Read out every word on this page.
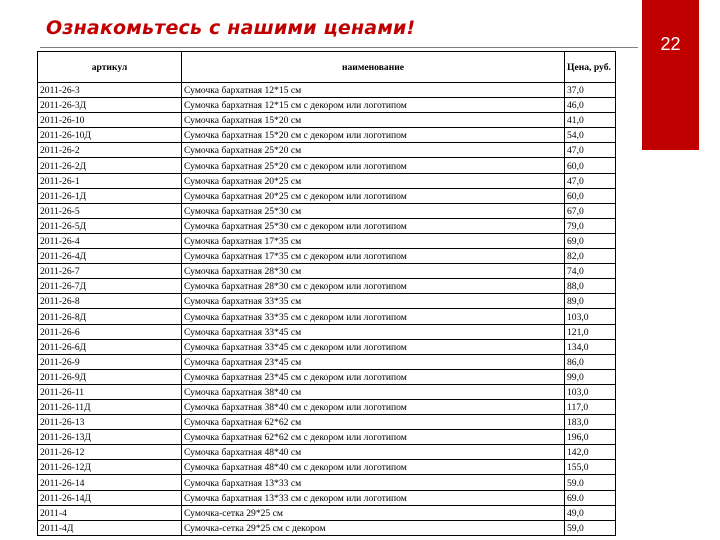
Ознакомьтесь с нашими ценами!
22
артикул	наименование	Цена, руб.
2011-26-3	Сумочка бархатная 12*15 см	37,0
2011-26-3Д	Сумочка бархатная 12*15 см с декором или логотипом	46,0
2011-26-10	Сумочка бархатная 15*20 см	41,0
2011-26-10Д	Сумочка бархатная 15*20 см с декором или логотипом	54,0
2011-26-2	Сумочка бархатная 25*20 см	47,0
2011-26-2Д	Сумочка бархатная 25*20 см с декором или логотипом	60,0
2011-26-1	Сумочка бархатная 20*25 см	47,0
2011-26-1Д	Сумочка бархатная 20*25 см с декором или логотипом	60,0
2011-26-5	Сумочка бархатная 25*30 см	67,0
2011-26-5Д	Сумочка бархатная 25*30 см с декором или логотипом	79,0
2011-26-4	Сумочка бархатная 17*35 см	69,0
2011-26-4Д	Сумочка бархатная 17*35 см с декором или логотипом	82,0
2011-26-7	Сумочка бархатная 28*30 см	74,0
2011-26-7Д	Сумочка бархатная 28*30 см с декором или логотипом	88,0
2011-26-8	Сумочка бархатная 33*35 см	89,0
2011-26-8Д	Сумочка бархатная 33*35 см с декором или логотипом	103,0
2011-26-6	Сумочка бархатная 33*45 см	121,0
2011-26-6Д	Сумочка бархатная 33*45 см с декором или логотипом	134,0
2011-26-9	Сумочка бархатная 23*45 см	86,0
2011-26-9Д	Сумочка бархатная 23*45 см с декором или логотипом	99,0
2011-26-11	Сумочка бархатная 38*40 см	103,0
2011-26-11Д	Сумочка бархатная 38*40 см с декором или логотипом	117,0
2011-26-13	Сумочка бархатная 62*62 см	183,0
2011-26-13Д	Сумочка бархатная 62*62 см с декором или логотипом	196,0
2011-26-12	Сумочка бархатная 48*40 см	142,0
2011-26-12Д	Сумочка бархатная 48*40 см с декором или логотипом	155,0
2011-26-14	Сумочка бархатная 13*33 см	59.0
2011-26-14Д	Сумочка бархатная 13*33 см с декором или логотипом	69.0
2011-4	Сумочка-сетка 29*25 см	49,0
2011-4Д	Сумочка-сетка 29*25 см с декором	59,0
